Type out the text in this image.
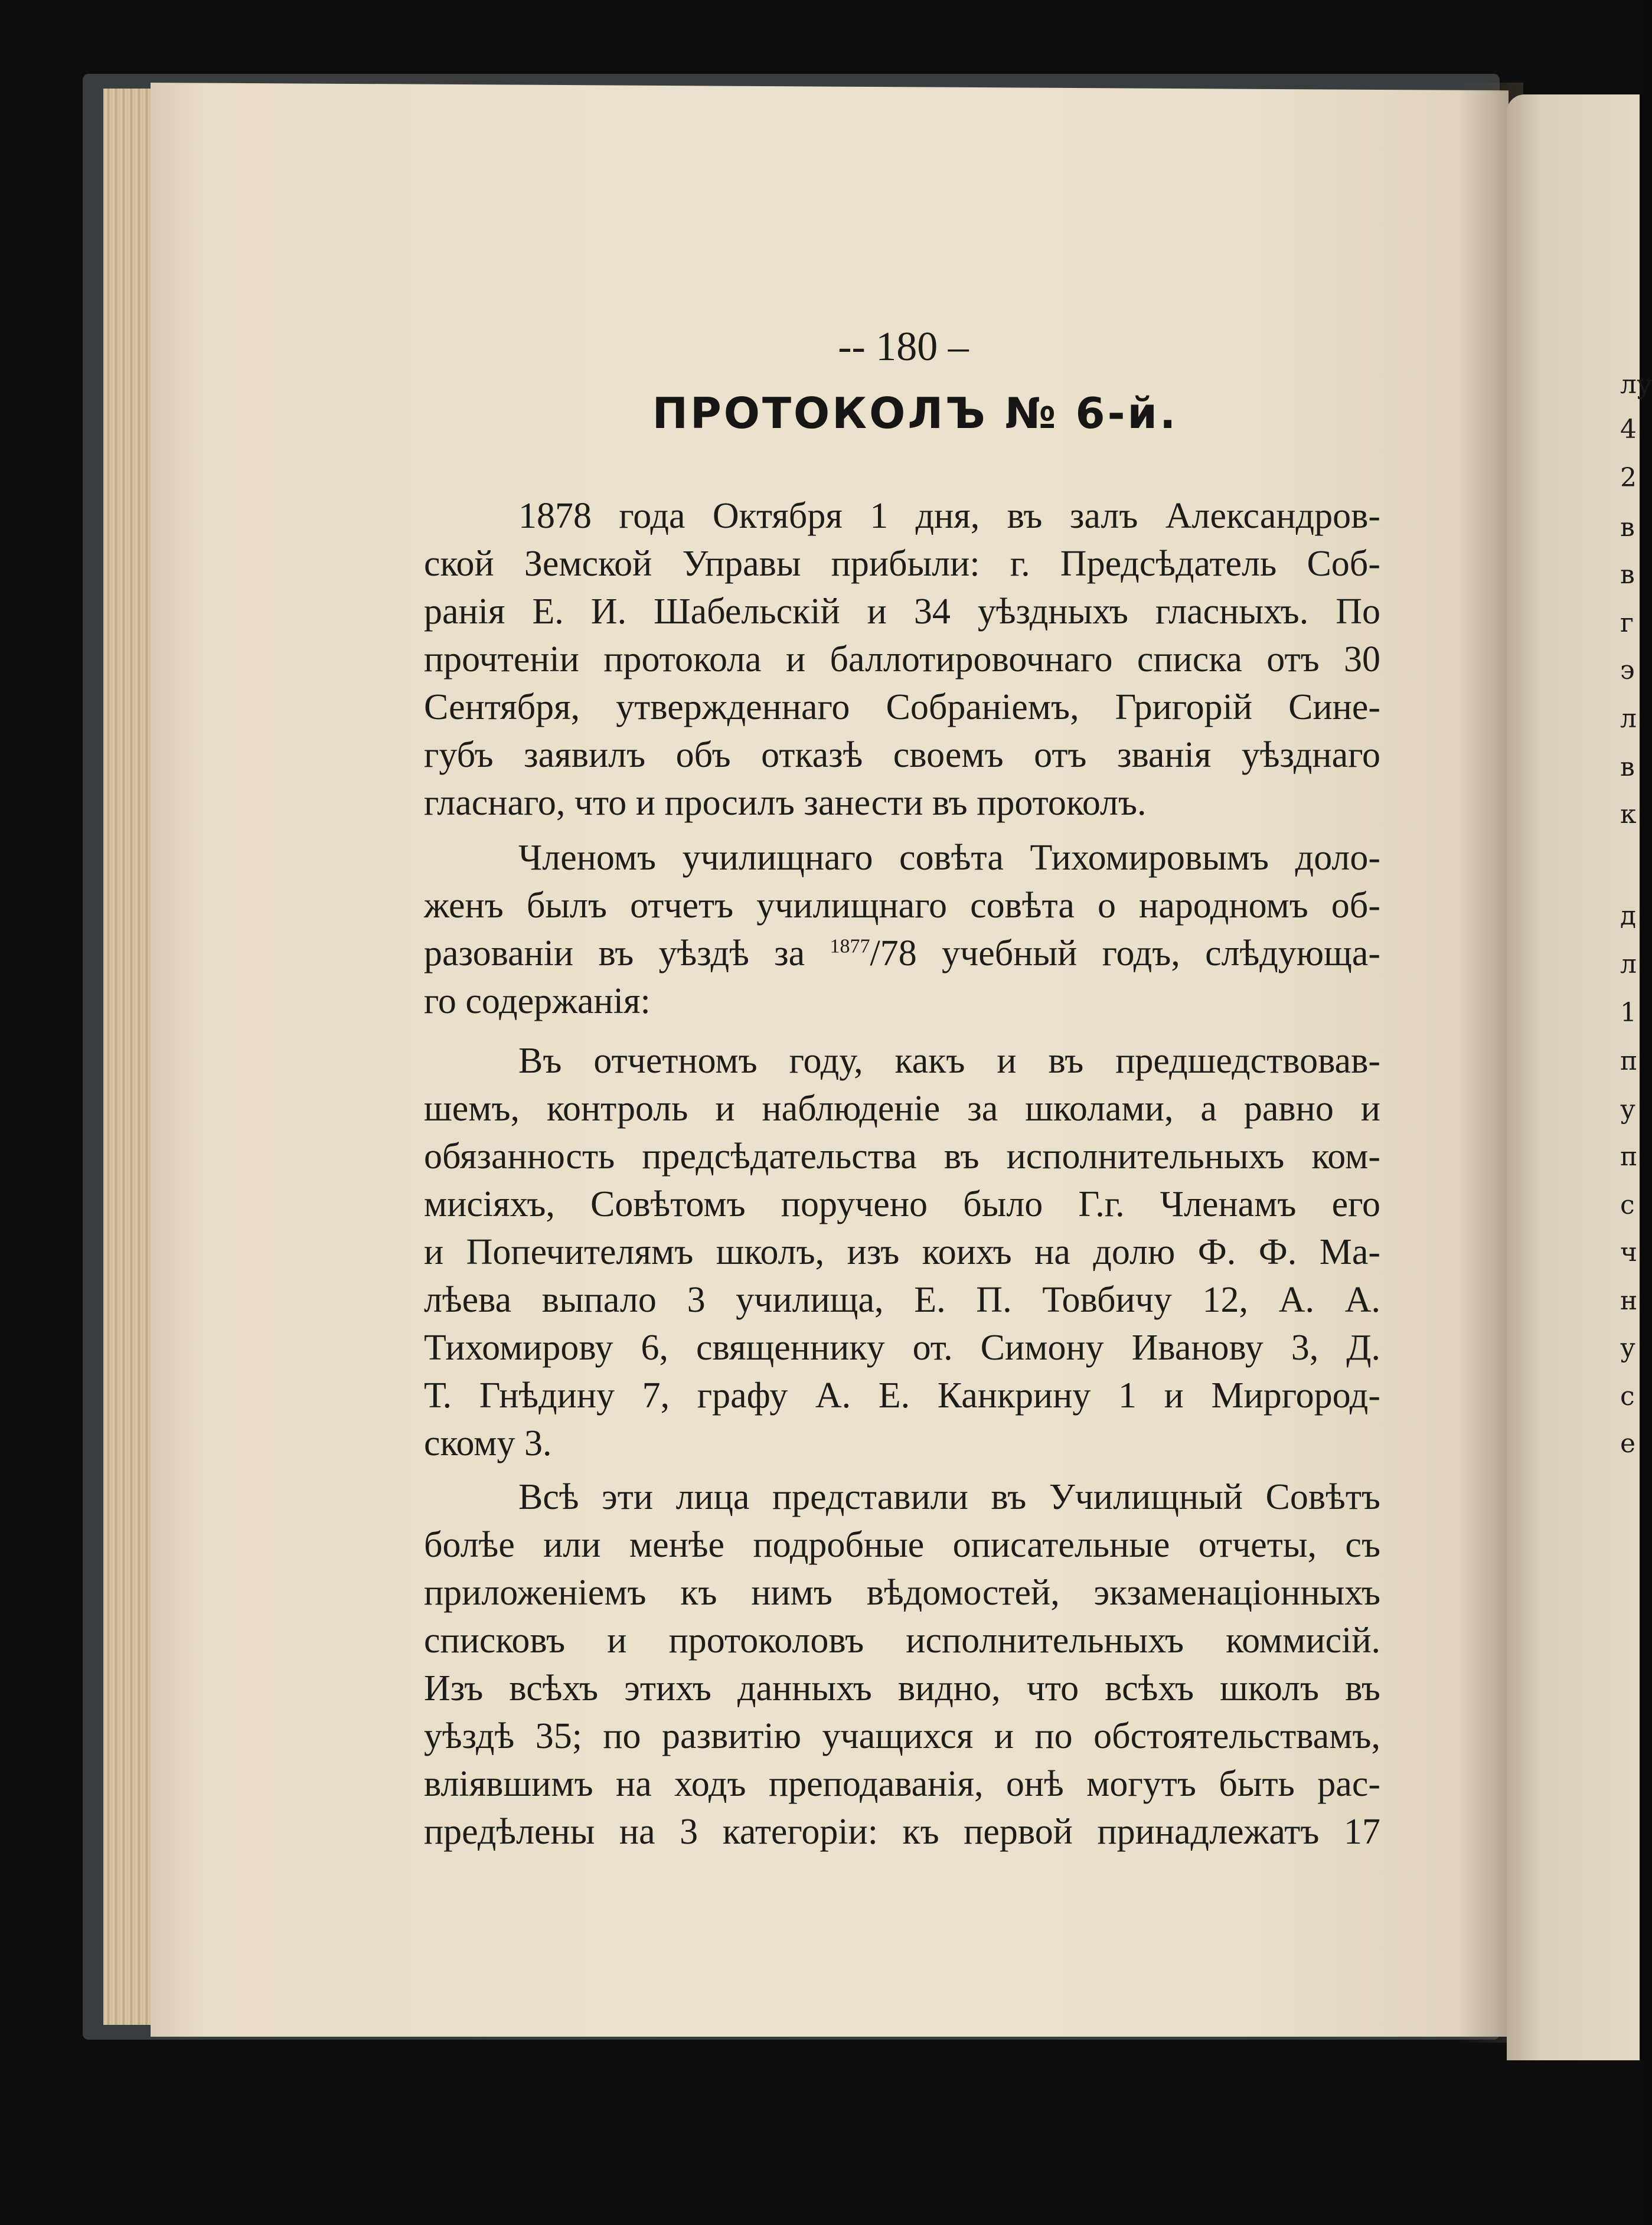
лу
4
2
в
в
г
э
л
в
к
д
л
1
п
у
п
с
ч
н
у
с
е
-- 180 –
ПРОТОКОЛЪ № 6-й.
1878 года Октября 1 дня, въ залъ Александров-
ской Земской Управы прибыли: г. Предсѣдатель Соб-
ранія Е. И. Шабельскій и 34 уѣздныхъ гласныхъ. По
прочтеніи протокола и баллотировочнаго списка отъ 30
Сентября, утвержденнаго Собраніемъ, Григорій Сине-
губъ заявилъ объ отказѣ своемъ отъ званія уѣзднаго
гласнаго, что и просилъ занести въ протоколъ.
Членомъ училищнаго совѣта Тихомировымъ доло-
женъ былъ отчетъ училищнаго совѣта о народномъ об-
разованіи въ уѣздѣ за $^{1877}$/78 учебный годъ, слѣдующа-
го содержанія:
Въ отчетномъ году, какъ и въ предшедствовав-
шемъ, контроль и наблюденіе за школами, а равно и
обязанность предсѣдательства въ исполнительныхъ ком-
мисіяхъ, Совѣтомъ поручено было Г.г. Членамъ его
и Попечителямъ школъ, изъ коихъ на долю Ф. Ф. Ма-
лѣева выпало 3 училища, Е. П. Товбичу 12, А. А.
Тихомирову 6, священнику от. Симону Иванову 3, Д.
Т. Гнѣдину 7, графу А. Е. Канкрину 1 и Миргород-
скому 3.
Всѣ эти лица представили въ Училищный Совѣтъ
болѣе или менѣе подробные описательные отчеты, съ
приложеніемъ къ нимъ вѣдомостей, экзаменаціонныхъ
списковъ и протоколовъ исполнительныхъ коммисій.
Изъ всѣхъ этихъ данныхъ видно, что всѣхъ школъ въ
уѣздѣ 35; по развитію учащихся и по обстоятельствамъ,
вліявшимъ на ходъ преподаванія, онѣ могутъ быть рас-
предѣлены на 3 категоріи: къ первой принадлежатъ 17
